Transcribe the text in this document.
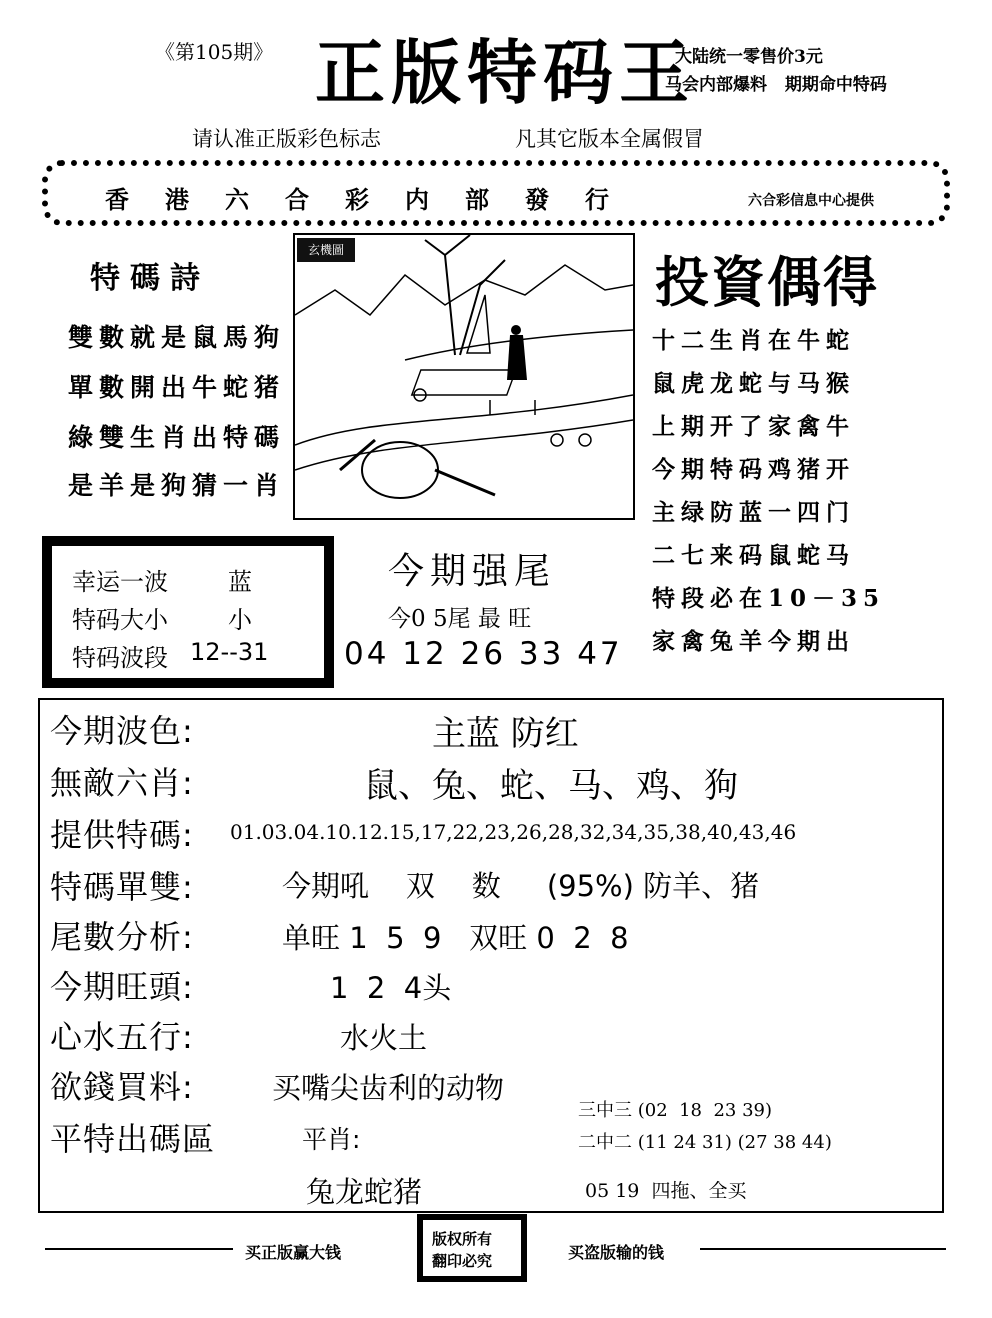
《第105期》 正版特码王
大陆统一零售价3元
马会内部爆料 期期命中特码
请认准正版彩色标志	凡其它版本全属假冒
香港六合彩内部發行	六合彩信息中心提供
特碼詩
雙數就是鼠馬狗
單數開出牛蛇猪
綠雙生肖出特碼
是羊是狗猜一肖
玄機圖
投資偶得
十二生肖在牛蛇
鼠虎龙蛇与马猴
上期开了家禽牛
今期特码鸡猪开
主绿防蓝一四门
二七来码鼠蛇马
特段必在10－35
家禽兔羊今期出
幸运一波	蓝
特码大小	小
特码波段 12--31
今期强尾
今0 5尾 最 旺
04 12 26 33 47
今期波色:	主蓝 防红
無敵六肖:	鼠、兔、蛇、马、鸡、狗
提供特碼: 01.03.04.10.12.15,17,22,23,26,28,32,34,35,38,40,43,46
特碼單雙:	今期吼    双    数     (95%) 防羊、猪
尾數分析:	单旺 1  5  9   双旺 0  2  8
今期旺頭:	1  2  4头
心水五行:	水火土
欲錢買料:	买嘴尖齿利的动物
平特出碼區	平肖:
兔龙蛇猪
三中三 (02  18  23 39)
二中二 (11 24 31) (27 38 44)
05 19  四拖、全买
买正版赢大钱
版权所有
翻印必究	买盗版输的钱
